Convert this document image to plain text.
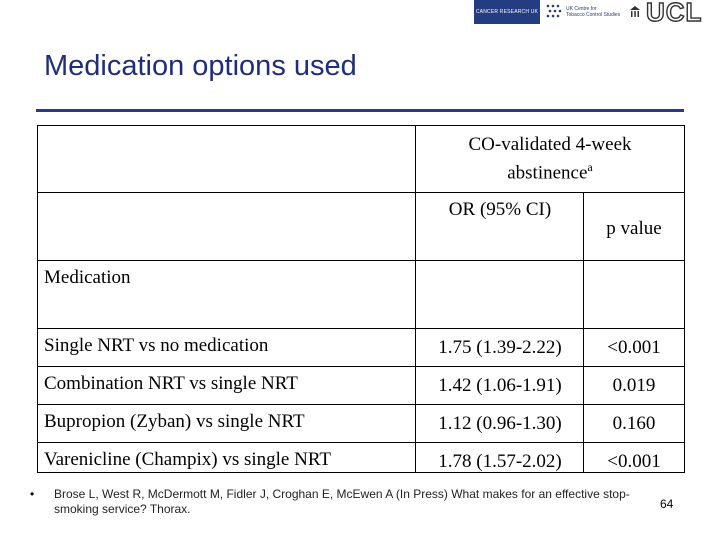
CANCER RESEARCH UK	UK Centre for
Tobacco Control Studies UCL
Medication options used
CO-validated 4-week
abstinence$^a$
OR (95% CI)
p value
Medication
Single NRT vs no medication	1.75 (1.39-2.22)	<0.001
Combination NRT vs single NRT	1.42 (1.06-1.91)	0.019
Bupropion (Zyban) vs single NRT	1.12 (0.96-1.30)	0.160
Varenicline (Champix) vs single NRT	1.78 (1.57-2.02)	<0.001
• Brose L, West R, McDermott M, Fidler J, Croghan E, McEwen A (In Press) What makes for an effective stop-smoking service? Thorax.	64
